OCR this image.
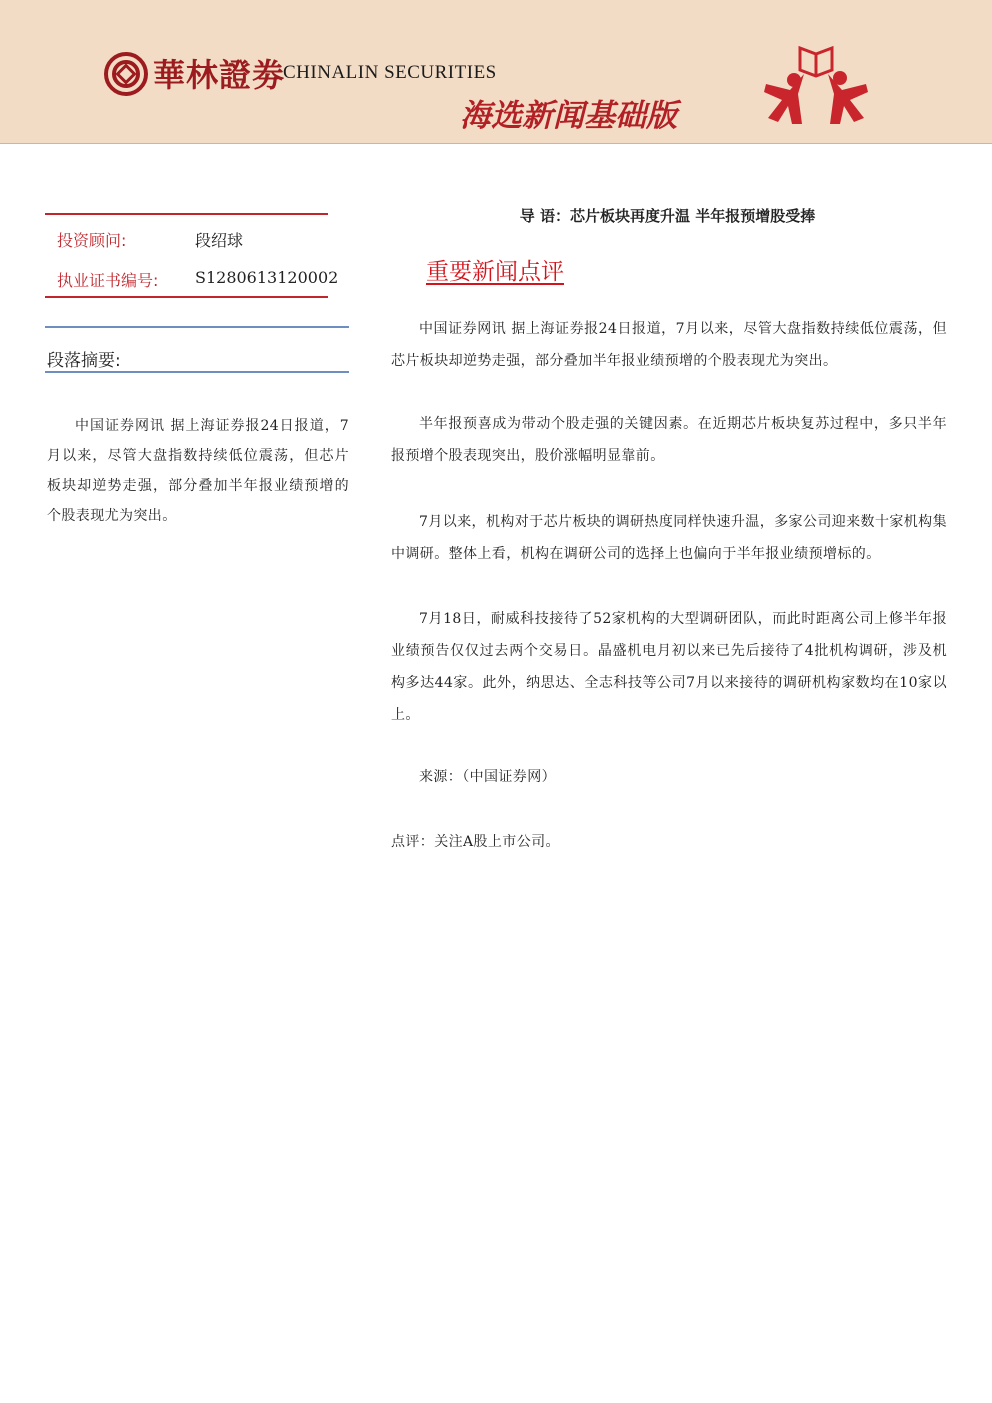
華林證劵
CHINALIN SECURITIES
海选新闻基础版
投资顾问:	段绍球
执业证书编号: S1280613120002
段落摘要:
中国证券网讯 据上海证券报24日报道，7月以来，尽管大盘指数持续低位震荡，但芯片板块却逆势走强，部分叠加半年报业绩预增的个股表现尤为突出。
导 语：芯片板块再度升温 半年报预增股受捧
重要新闻点评
中国证券网讯 据上海证券报24日报道，7月以来，尽管大盘指数持续低位震荡，但芯片板块却逆势走强，部分叠加半年报业绩预增的个股表现尤为突出。
半年报预喜成为带动个股走强的关键因素。在近期芯片板块复苏过程中，多只半年报预增个股表现突出，股价涨幅明显靠前。
7月以来，机构对于芯片板块的调研热度同样快速升温，多家公司迎来数十家机构集中调研。整体上看，机构在调研公司的选择上也偏向于半年报业绩预增标的。
7月18日，耐威科技接待了52家机构的大型调研团队，而此时距离公司上修半年报业绩预告仅仅过去两个交易日。晶盛机电月初以来已先后接待了4批机构调研，涉及机构多达44家。此外，纳思达、全志科技等公司7月以来接待的调研机构家数均在10家以上。
来源：（中国证券网）
点评：关注A股上市公司。
